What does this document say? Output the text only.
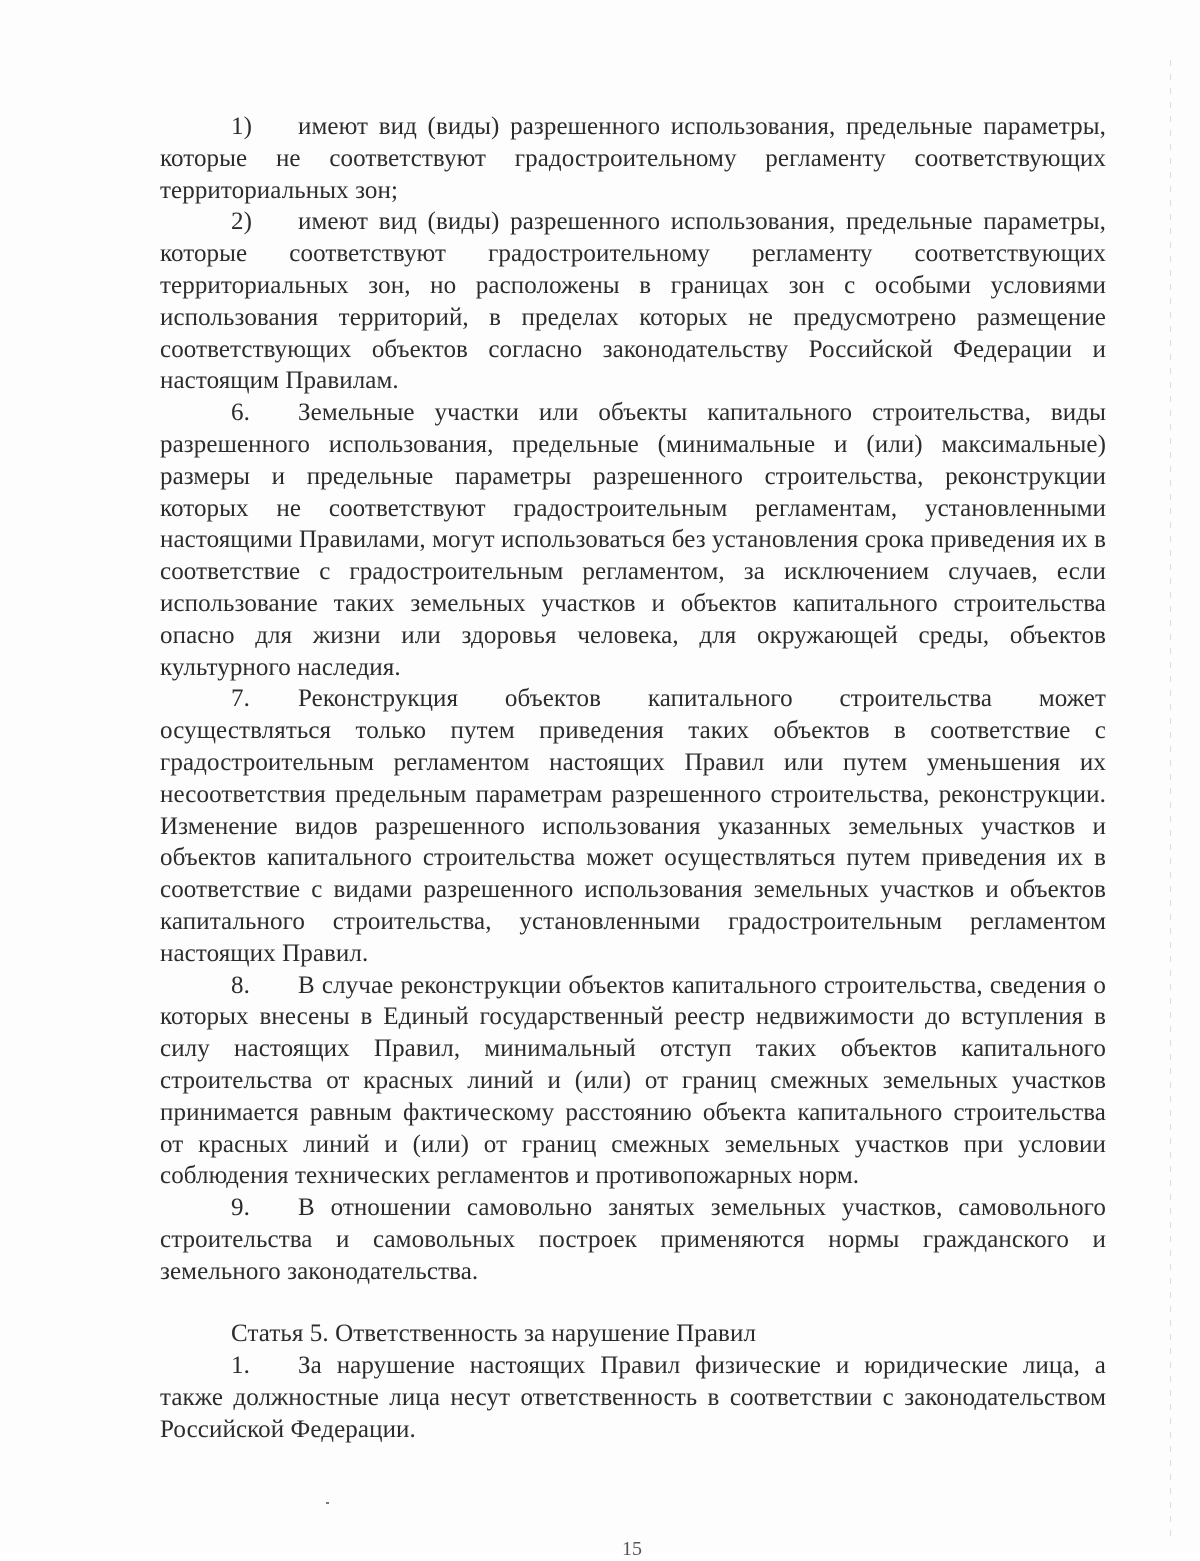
1) имеют вид (виды) разрешенного использования, предельные параметры, которые не соответствуют градостроительному регламенту соответствующих территориальных зон;

2) имеют вид (виды) разрешенного использования, предельные параметры, которые соответствуют градостроительному регламенту соответствующих территориальных зон, но расположены в границах зон с особыми условиями использования территорий, в пределах которых не предусмотрено размещение соответствующих объектов согласно законодательству Российской Федерации и настоящим Правилам.

6. Земельные участки или объекты капитального строительства, виды разрешенного использования, предельные (минимальные и (или) максимальные) размеры и предельные параметры разрешенного строительства, реконструкции которых не соответствуют градостроительным регламентам, установленными настоящими Правилами, могут использоваться без установления срока приведения их в соответствие с градостроительным регламентом, за исключением случаев, если использование таких земельных участков и объектов капитального строительства опасно для жизни или здоровья человека, для окружающей среды, объектов культурного наследия.

7. Реконструкция объектов капитального строительства может осуществляться только путем приведения таких объектов в соответствие с градостроительным регламентом настоящих Правил или путем уменьшения их несоответствия предельным параметрам разрешенного строительства, реконструкции. Изменение видов разрешенного использования указанных земельных участков и объектов капитального строительства может осуществляться путем приведения их в соответствие с видами разрешенного использования земельных участков и объектов капитального строительства, установленными градостроительным регламентом настоящих Правил.

8. В случае реконструкции объектов капитального строительства, сведения о которых внесены в Единый государственный реестр недвижимости до вступления в силу настоящих Правил, минимальный отступ таких объектов капитального строительства от красных линий и (или) от границ смежных земельных участков принимается равным фактическому расстоянию объекта капитального строительства от красных линий и (или) от границ смежных земельных участков при условии соблюдения технических регламентов и противопожарных норм.

9. В отношении самовольно занятых земельных участков, самовольного строительства и самовольных построек применяются нормы гражданского и земельного законодательства.

Статья 5. Ответственность за нарушение Правил

1. За нарушение настоящих Правил физические и юридические лица, а также должностные лица несут ответственность в соответствии с законодательством Российской Федерации.

15
